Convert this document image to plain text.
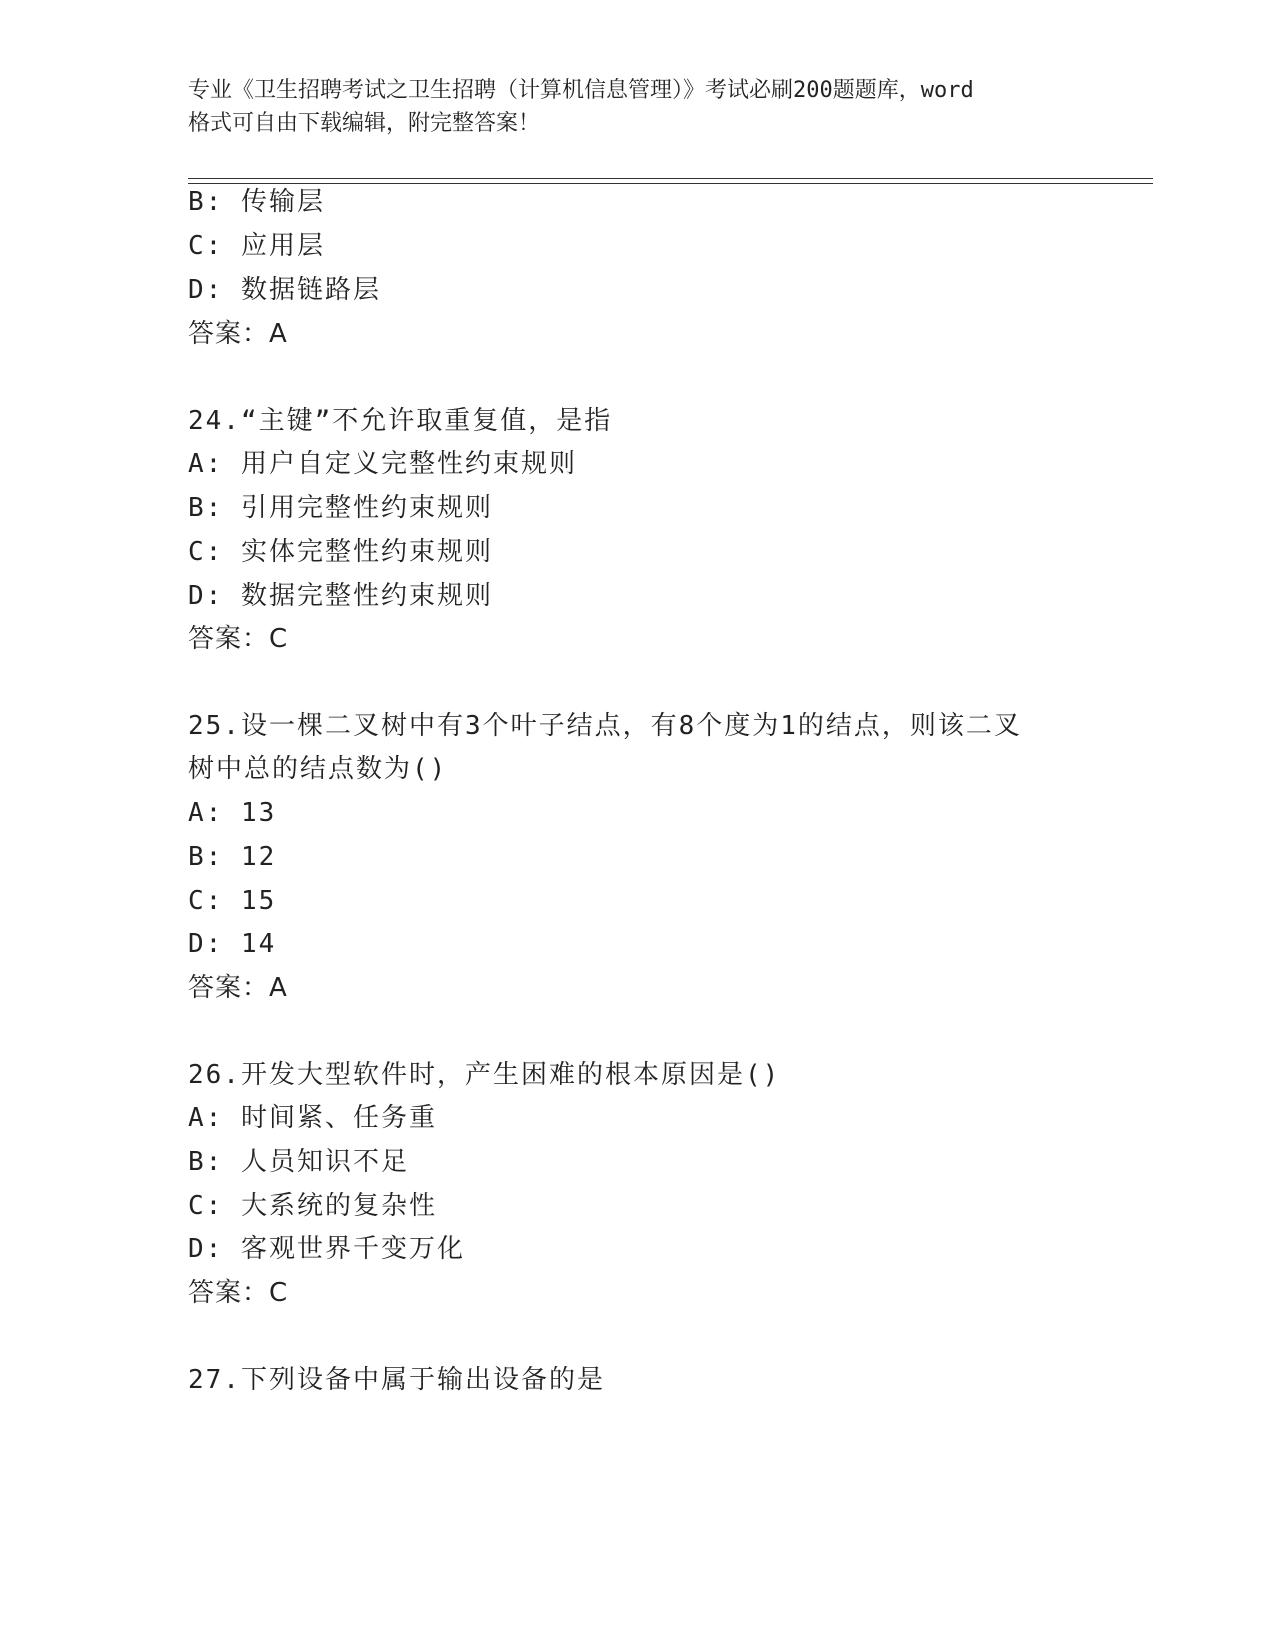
专业《卫生招聘考试之卫生招聘（计算机信息管理）》考试必刷200题题库，word
格式可自由下载编辑，附完整答案！
B: 传输层
C: 应用层
D: 数据链路层
答案：A
24.“主键”不允许取重复值，是指
A: 用户自定义完整性约束规则
B: 引用完整性约束规则
C: 实体完整性约束规则
D: 数据完整性约束规则
答案：C
25.设一棵二叉树中有3个叶子结点，有8个度为1的结点，则该二叉
树中总的结点数为()
A: 13
B: 12
C: 15
D: 14
答案：A
26.开发大型软件时，产生困难的根本原因是()
A: 时间紧、任务重
B: 人员知识不足
C: 大系统的复杂性
D: 客观世界千变万化
答案：C
27.下列设备中属于输出设备的是
